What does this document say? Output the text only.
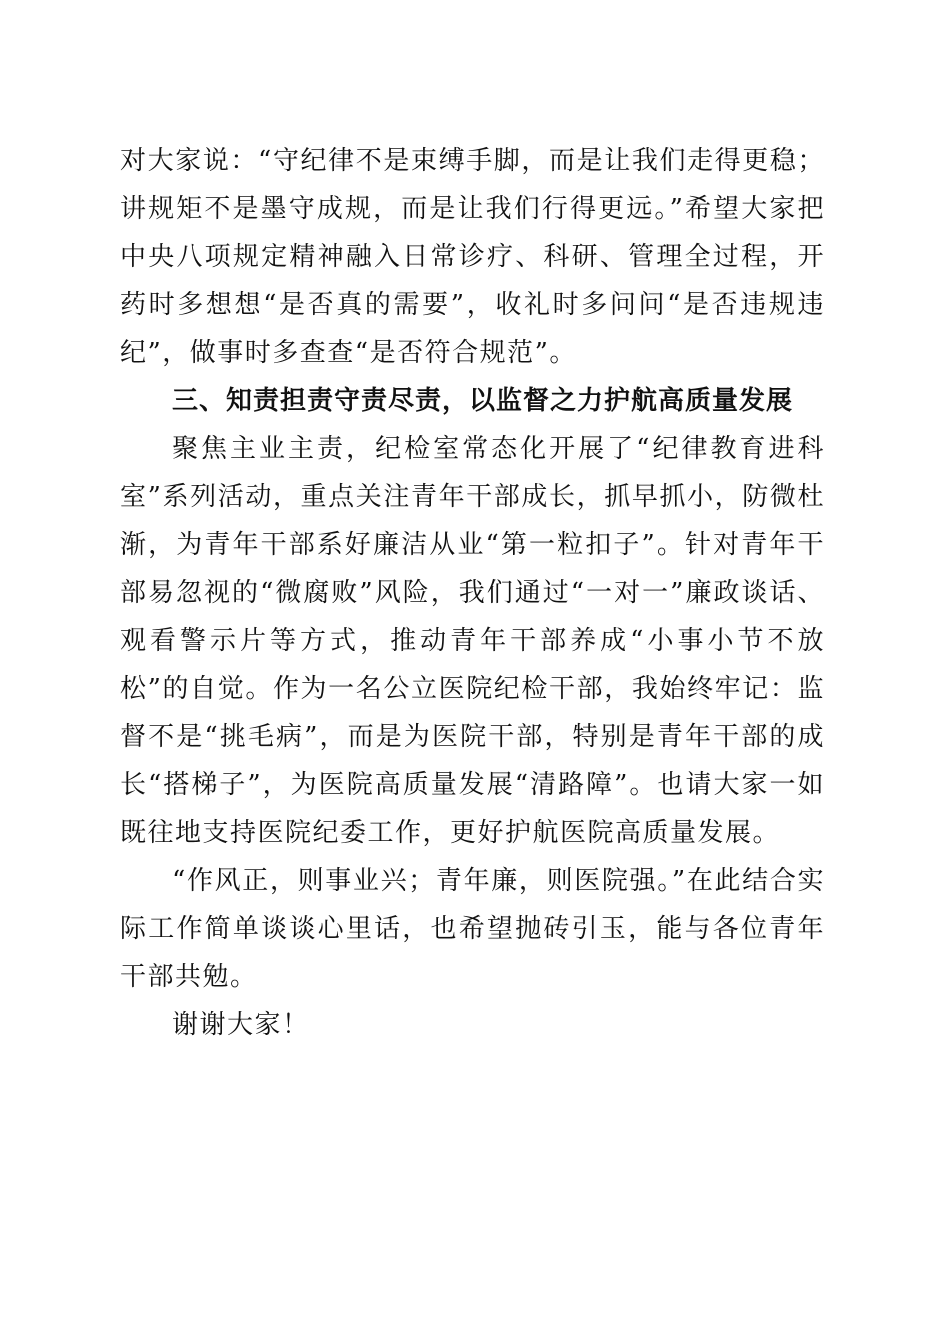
对大家说：“守纪律不是束缚手脚，而是让我们走得更稳；讲规矩不是墨守成规，而是让我们行得更远。”希望大家把中央八项规定精神融入日常诊疗、科研、管理全过程，开药时多想想“是否真的需要”，收礼时多问问“是否违规违纪”，做事时多查查“是否符合规范”。

三、知责担责守责尽责，以监督之力护航高质量发展

聚焦主业主责，纪检室常态化开展了“纪律教育进科室”系列活动，重点关注青年干部成长，抓早抓小，防微杜渐，为青年干部系好廉洁从业“第一粒扣子”。针对青年干部易忽视的“微腐败”风险，我们通过“一对一”廉政谈话、观看警示片等方式，推动青年干部养成“小事小节不放松”的自觉。作为一名公立医院纪检干部，我始终牢记：监督不是“挑毛病”，而是为医院干部，特别是青年干部的成长“搭梯子”，为医院高质量发展“清路障”。也请大家一如既往地支持医院纪委工作，更好护航医院高质量发展。

“作风正，则事业兴；青年廉，则医院强。”在此结合实际工作简单谈谈心里话，也希望抛砖引玉，能与各位青年干部共勉。

谢谢大家！
